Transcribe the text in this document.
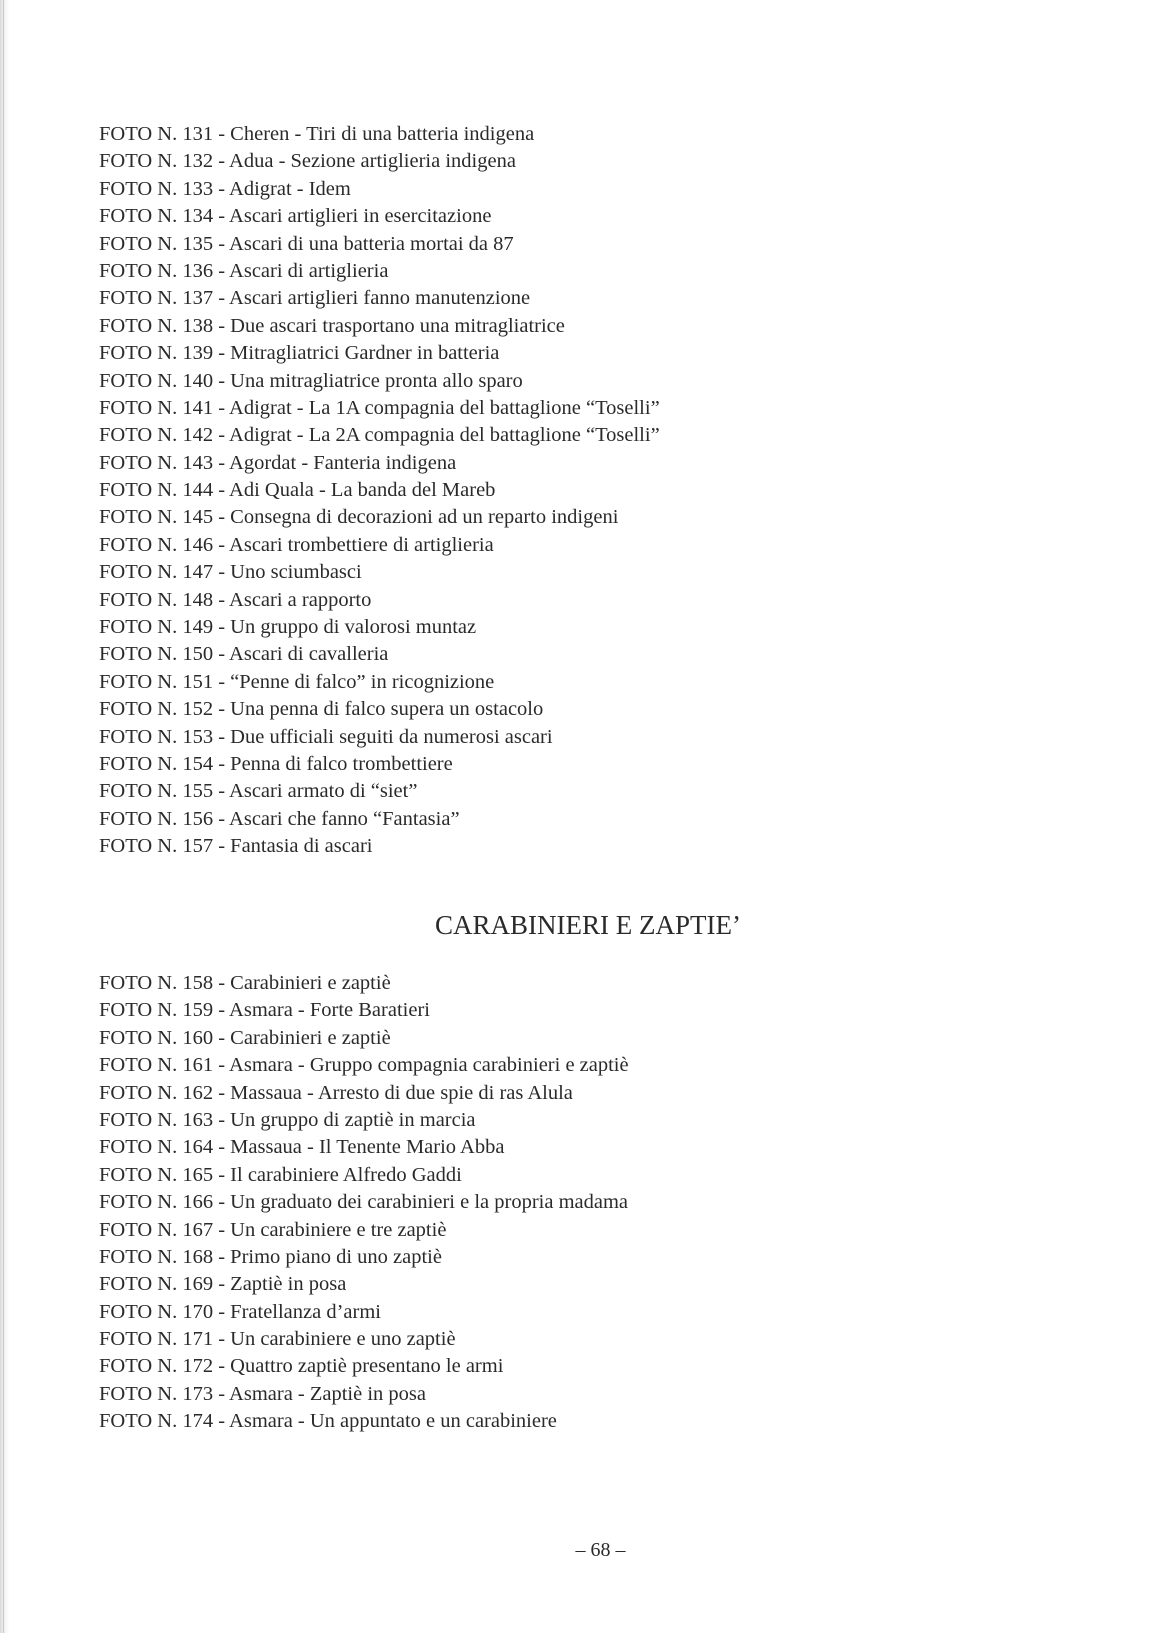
FOTO N. 131 - Cheren - Tiri di una batteria indigena
FOTO N. 132 - Adua - Sezione artiglieria indigena
FOTO N. 133 - Adigrat - Idem
FOTO N. 134 - Ascari artiglieri in esercitazione
FOTO N. 135 - Ascari di una batteria mortai da 87
FOTO N. 136 - Ascari di artiglieria
FOTO N. 137 - Ascari artiglieri fanno manutenzione
FOTO N. 138 - Due ascari trasportano una mitragliatrice
FOTO N. 139 - Mitragliatrici Gardner in batteria
FOTO N. 140 - Una mitragliatrice pronta allo sparo
FOTO N. 141 - Adigrat - La 1A compagnia del battaglione “Toselli”
FOTO N. 142 - Adigrat - La 2A compagnia del battaglione “Toselli”
FOTO N. 143 - Agordat - Fanteria indigena
FOTO N. 144 - Adi Quala - La banda del Mareb
FOTO N. 145 - Consegna di decorazioni ad un reparto indigeni
FOTO N. 146 - Ascari trombettiere di artiglieria
FOTO N. 147 - Uno sciumbasci
FOTO N. 148 - Ascari a rapporto
FOTO N. 149 - Un gruppo di valorosi muntaz
FOTO N. 150 - Ascari di cavalleria
FOTO N. 151 - “Penne di falco” in ricognizione
FOTO N. 152 - Una penna di falco supera un ostacolo
FOTO N. 153 - Due ufficiali seguiti da numerosi ascari
FOTO N. 154 - Penna di falco trombettiere
FOTO N. 155 - Ascari armato di “siet”
FOTO N. 156 - Ascari che fanno “Fantasia”
FOTO N. 157 - Fantasia di ascari
CARABINIERI E ZAPTIE’
FOTO N. 158 - Carabinieri e zaptiè
FOTO N. 159 - Asmara - Forte Baratieri
FOTO N. 160 - Carabinieri e zaptiè
FOTO N. 161 - Asmara - Gruppo compagnia carabinieri e zaptiè
FOTO N. 162 - Massaua - Arresto di due spie di ras Alula
FOTO N. 163 - Un gruppo di zaptiè in marcia
FOTO N. 164 - Massaua - Il Tenente Mario Abba
FOTO N. 165 - Il carabiniere Alfredo Gaddi
FOTO N. 166 - Un graduato dei carabinieri e la propria madama
FOTO N. 167 - Un carabiniere e tre zaptiè
FOTO N. 168 - Primo piano di uno zaptiè
FOTO N. 169 - Zaptiè in posa
FOTO N. 170 - Fratellanza d’armi
FOTO N. 171 - Un carabiniere e uno zaptiè
FOTO N. 172 - Quattro zaptiè presentano le armi
FOTO N. 173 - Asmara - Zaptiè in posa
FOTO N. 174 - Asmara - Un appuntato e un carabiniere
– 68 –
